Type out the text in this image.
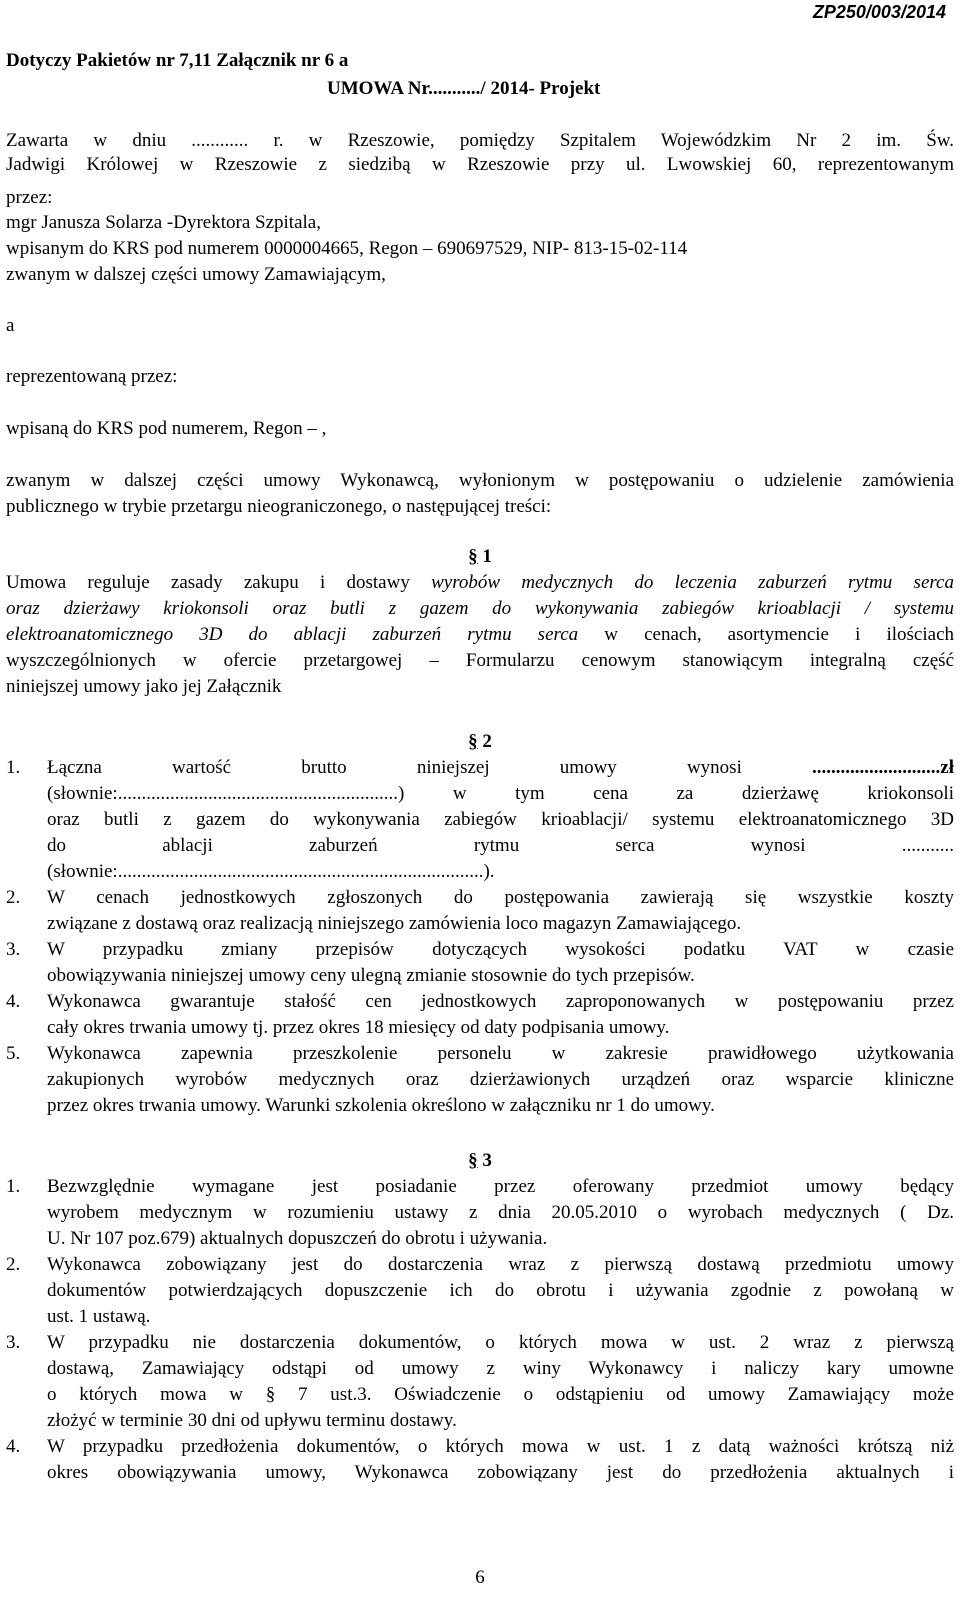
ZP250/003/2014
Dotyczy Pakietów nr 7,11 Załącznik nr 6 a
UMOWA Nr.........../ 2014- Projekt
Zawarta w dniu ............ r. w Rzeszowie, pomiędzy Szpitalem Wojewódzkim Nr 2 im. Św.
Jadwigi Królowej w Rzeszowie z siedzibą w Rzeszowie przy ul. Lwowskiej 60, reprezentowanym
przez:
mgr Janusza Solarza -Dyrektora Szpitala,
wpisanym do KRS pod numerem 0000004665, Regon – 690697529, NIP- 813-15-02-114
zwanym w dalszej części umowy Zamawiającym,
a
reprezentowaną przez:
wpisaną do KRS pod numerem, Regon – ,
zwanym w dalszej części umowy Wykonawcą, wyłonionym w postępowaniu o udzielenie zamówienia
publicznego w trybie przetargu nieograniczonego, o następującej treści:
§ 1
Umowa reguluje zasady zakupu i dostawy wyrobów medycznych do leczenia zaburzeń rytmu serca
oraz dzierżawy kriokonsoli oraz butli z gazem do wykonywania zabiegów krioablacji / systemu
elektroanatomicznego 3D do ablacji zaburzeń rytmu serca w cenach, asortymencie i ilościach
wyszczególnionych w ofercie przetargowej – Formularzu cenowym stanowiącym integralną część
niniejszej umowy jako jej Załącznik
§ 2
1. Łączna wartość brutto niniejszej umowy wynosi ...........................zł
(słownie:...........................................................) w tym cena za dzierżawę kriokonsoli
oraz butli z gazem do wykonywania zabiegów krioablacji/ systemu elektroanatomicznego 3D
do ablacji zaburzeń rytmu serca wynosi ...........
(słownie:.............................................................................).
2. W cenach jednostkowych zgłoszonych do postępowania zawierają się wszystkie koszty
związane z dostawą oraz realizacją niniejszego zamówienia loco magazyn Zamawiającego.
3. W przypadku zmiany przepisów dotyczących wysokości podatku VAT w czasie
obowiązywania niniejszej umowy ceny ulegną zmianie stosownie do tych przepisów.
4. Wykonawca gwarantuje stałość cen jednostkowych zaproponowanych w postępowaniu przez
cały okres trwania umowy tj. przez okres 18 miesięcy od daty podpisania umowy.
5. Wykonawca zapewnia przeszkolenie personelu w zakresie prawidłowego użytkowania
zakupionych wyrobów medycznych oraz dzierżawionych urządzeń oraz wsparcie kliniczne
przez okres trwania umowy. Warunki szkolenia określono w załączniku nr 1 do umowy.
§ 3
1. Bezwzględnie wymagane jest posiadanie przez oferowany przedmiot umowy będący
wyrobem medycznym w rozumieniu ustawy z dnia 20.05.2010 o wyrobach medycznych ( Dz.
U. Nr 107 poz.679) aktualnych dopuszczeń do obrotu i używania.
2. Wykonawca zobowiązany jest do dostarczenia wraz z pierwszą dostawą przedmiotu umowy
dokumentów potwierdzających dopuszczenie ich do obrotu i używania zgodnie z powołaną w
ust. 1 ustawą.
3. W przypadku nie dostarczenia dokumentów, o których mowa w ust. 2 wraz z pierwszą
dostawą, Zamawiający odstąpi od umowy z winy Wykonawcy i naliczy kary umowne
o których mowa w § 7 ust.3. Oświadczenie o odstąpieniu od umowy Zamawiający może
złożyć w terminie 30 dni od upływu terminu dostawy.
4. W przypadku przedłożenia dokumentów, o których mowa w ust. 1 z datą ważności krótszą niż
okres obowiązywania umowy, Wykonawca zobowiązany jest do przedłożenia aktualnych i
6
